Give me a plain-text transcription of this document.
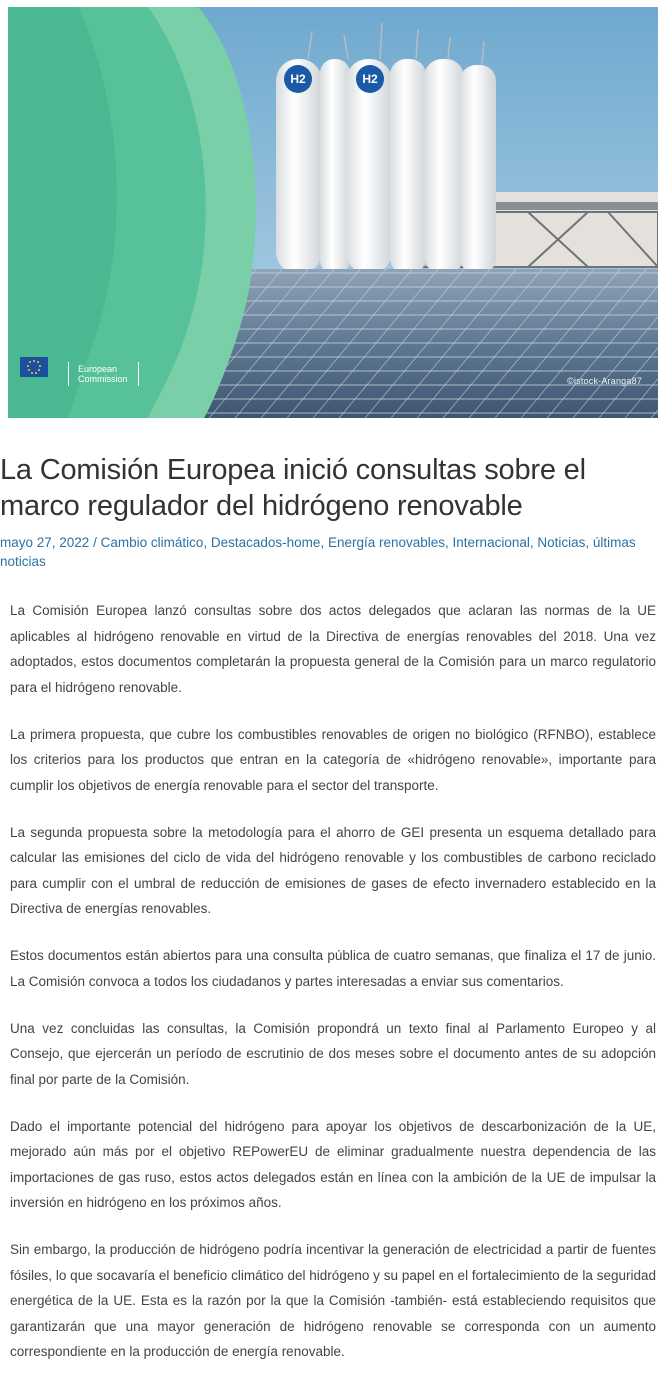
H2	H2
European
Commission	©istock-Aranga87
La Comisión Europea inició consultas sobre el marco regulador del hidrógeno renovable
mayo 27, 2022 / Cambio climático, Destacados-home, Energía renovables, Internacional, Noticias, últimas noticias

La Comisión Europea lanzó consultas sobre dos actos delegados que aclaran las normas de la UE aplicables al hidrógeno renovable en virtud de la Directiva de energías renovables del 2018. Una vez adoptados, estos documentos completarán la propuesta general de la Comisión para un marco regulatorio para el hidrógeno renovable.

La primera propuesta, que cubre los combustibles renovables de origen no biológico (RFNBO), establece los criterios para los productos que entran en la categoría de «hidrógeno renovable», importante para cumplir los objetivos de energía renovable para el sector del transporte.

La segunda propuesta sobre la metodología para el ahorro de GEI presenta un esquema detallado para calcular las emisiones del ciclo de vida del hidrógeno renovable y los combustibles de carbono reciclado para cumplir con el umbral de reducción de emisiones de gases de efecto invernadero establecido en la Directiva de energías renovables.

Estos documentos están abiertos para una consulta pública de cuatro semanas, que finaliza el 17 de junio. La Comisión convoca a todos los ciudadanos y partes interesadas a enviar sus comentarios.

Una vez concluidas las consultas, la Comisión propondrá un texto final al Parlamento Europeo y al Consejo, que ejercerán un período de escrutinio de dos meses sobre el documento antes de su adopción final por parte de la Comisión.

Dado el importante potencial del hidrógeno para apoyar los objetivos de descarbonización de la UE, mejorado aún más por el objetivo REPowerEU de eliminar gradualmente nuestra dependencia de las importaciones de gas ruso, estos actos delegados están en línea con la ambición de la UE de impulsar la inversión en hidrógeno en los próximos años.

Sin embargo, la producción de hidrógeno podría incentivar la generación de electricidad a partir de fuentes fósiles, lo que socavaría el beneficio climático del hidrógeno y su papel en el fortalecimiento de la seguridad energética de la UE. Esta es la razón por la que la Comisión -también- está estableciendo requisitos que garantizarán que una mayor generación de hidrógeno renovable se corresponda con un aumento correspondiente en la producción de energía renovable.
